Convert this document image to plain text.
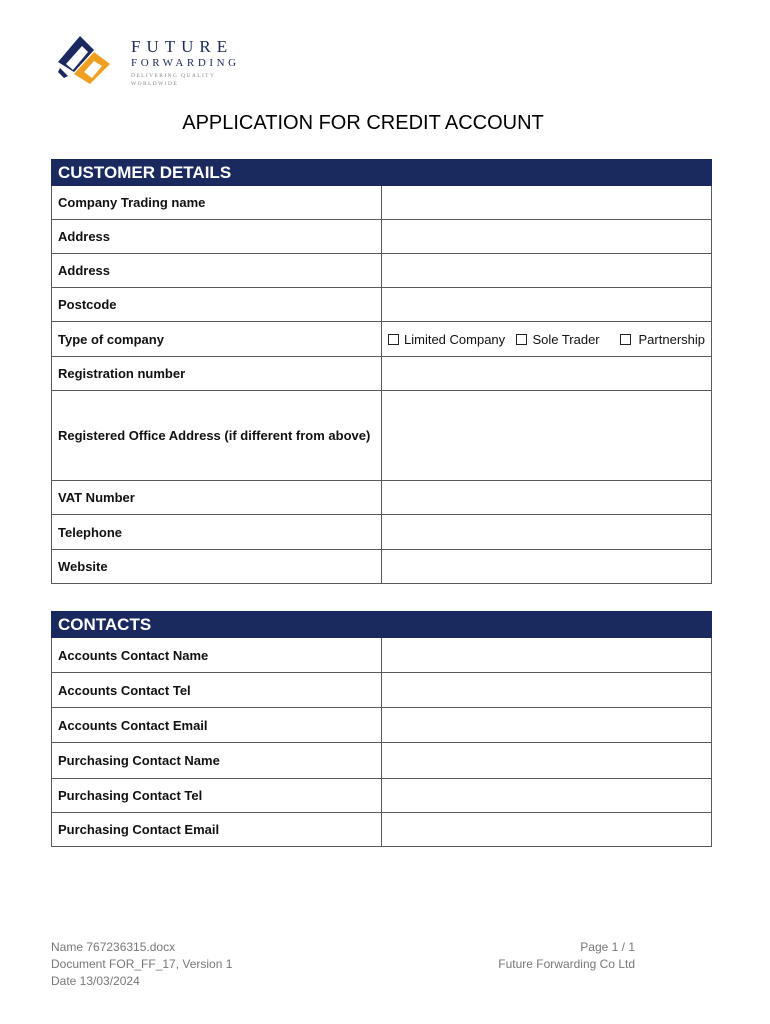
FUTURE
FORWARDING
DELIVERING QUALITY WORLDWIDE
APPLICATION FOR CREDIT ACCOUNT
CUSTOMER DETAILS	
Company Trading name	
Address	
Address	
Postcode	
Type of company	Limited Company Sole Trader Partnership

Registration number	
Registered Office Address (if different from above)	
VAT Number	
Telephone	
Website	
CONTACTS	
Accounts Contact Name	
Accounts Contact Tel	
Accounts Contact Email	
Purchasing Contact Name	
Purchasing Contact Tel	
Purchasing Contact Email	
Name 767236315.docx
Document FOR_FF_17, Version 1
Date 13/03/2024
Page 1 / 1
Future Forwarding Co Ltd
